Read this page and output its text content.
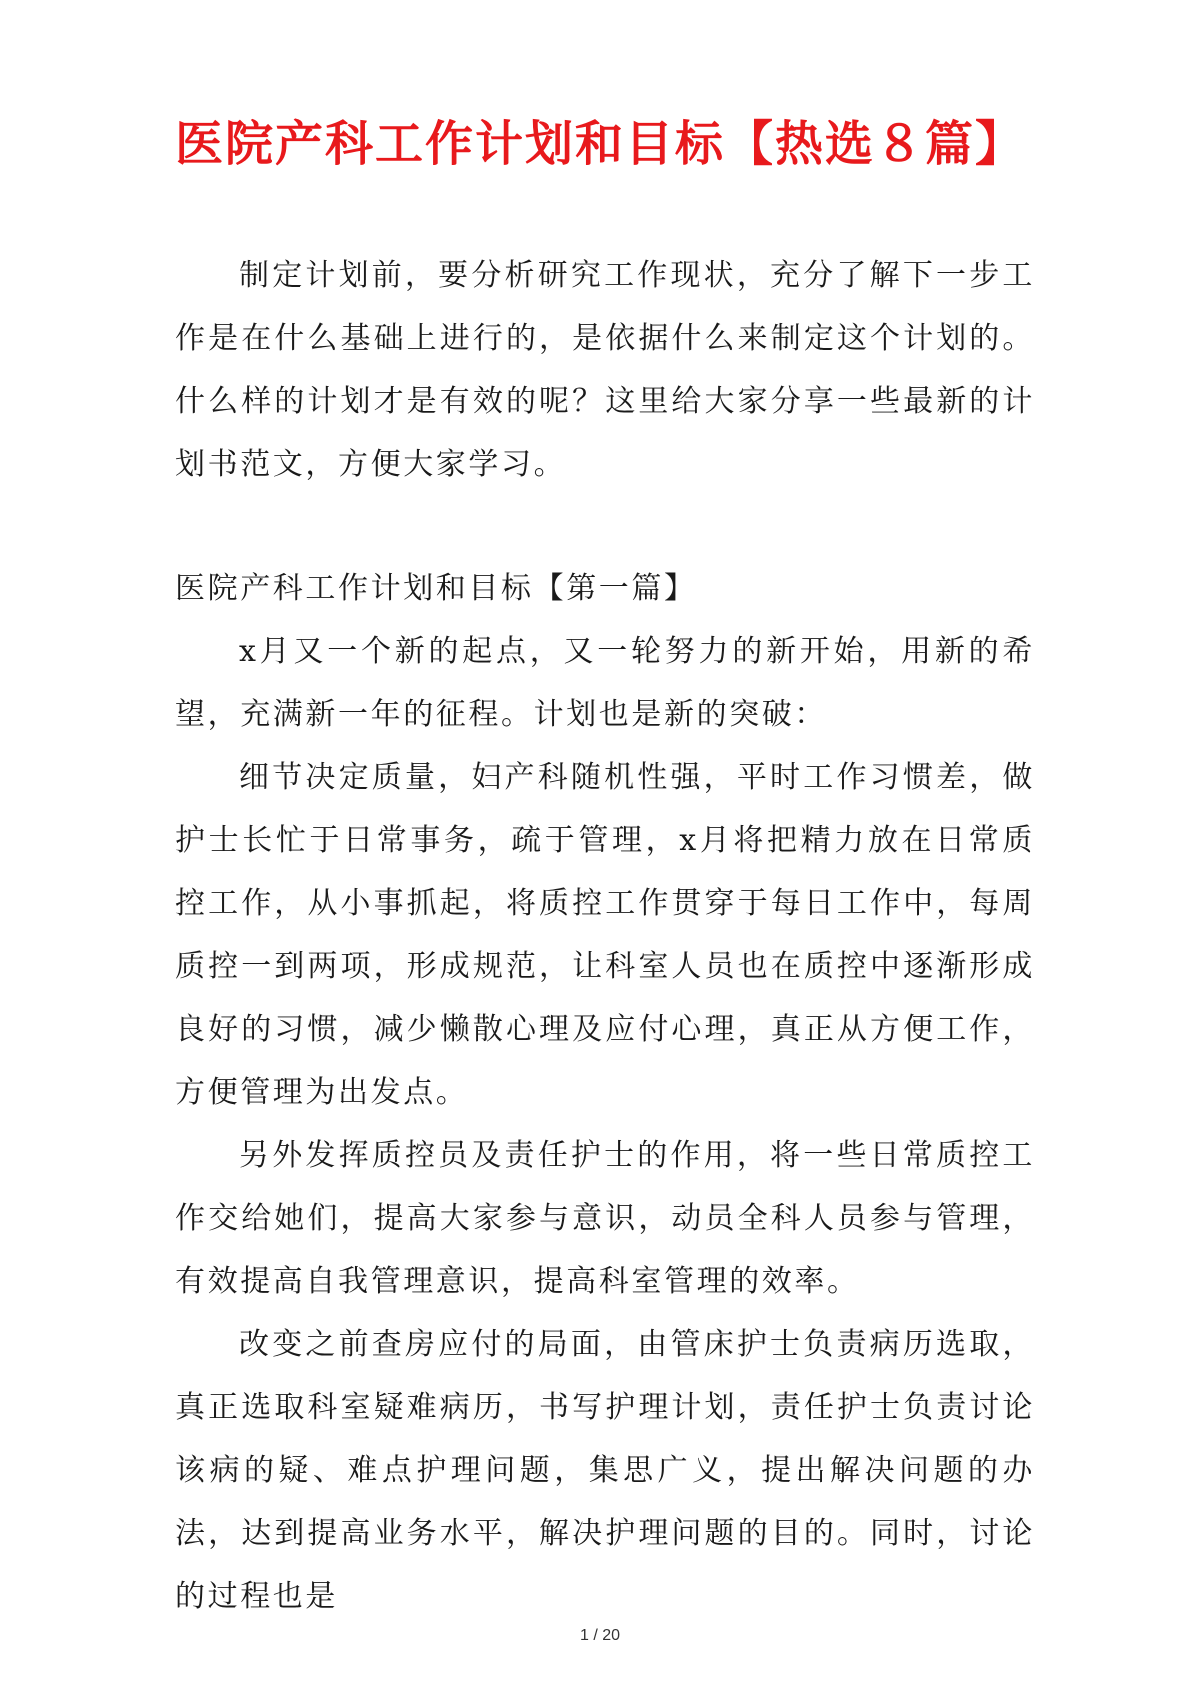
医院产科工作计划和目标【热选８篇】

制定计划前，要分析研究工作现状，充分了解下一步工作是在什么基础上进行的，是依据什么来制定这个计划的。什么样的计划才是有效的呢？这里给大家分享一些最新的计划书范文，方便大家学习。

医院产科工作计划和目标【第一篇】

x月又一个新的起点，又一轮努力的新开始，用新的希望，充满新一年的征程。计划也是新的突破：

细节决定质量，妇产科随机性强，平时工作习惯差，做护士长忙于日常事务，疏于管理，x月将把精力放在日常质控工作，从小事抓起，将质控工作贯穿于每日工作中，每周质控一到两项，形成规范，让科室人员也在质控中逐渐形成良好的习惯，减少懒散心理及应付心理，真正从方便工作，方便管理为出发点。

另外发挥质控员及责任护士的作用，将一些日常质控工作交给她们，提高大家参与意识，动员全科人员参与管理，有效提高自我管理意识，提高科室管理的效率。

改变之前查房应付的局面，由管床护士负责病历选取，真正选取科室疑难病历，书写护理计划，责任护士负责讨论该病的疑、难点护理问题，集思广义，提出解决问题的办法，达到提高业务水平，解决护理问题的目的。同时，讨论的过程也是

1 / 20
